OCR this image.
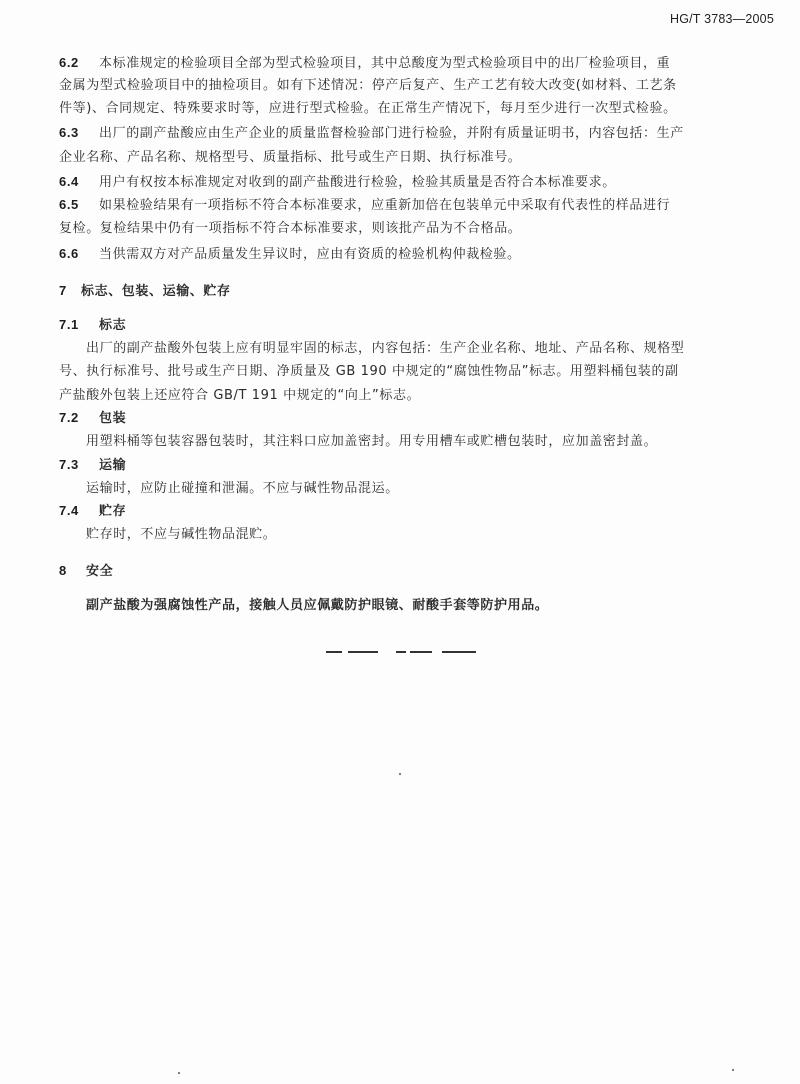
HG/T 3783—2005
6.2 本标准规定的检验项目全部为型式检验项目，其中总酸度为型式检验项目中的出厂检验项目，重
金属为型式检验项目中的抽检项目。如有下述情况：停产后复产、生产工艺有较大改变(如材料、工艺条
件等)、合同规定、特殊要求时等，应进行型式检验。在正常生产情况下，每月至少进行一次型式检验。
6.3 出厂的副产盐酸应由生产企业的质量监督检验部门进行检验，并附有质量证明书，内容包括：生产
企业名称、产品名称、规格型号、质量指标、批号或生产日期、执行标准号。
6.4 用户有权按本标准规定对收到的副产盐酸进行检验，检验其质量是否符合本标准要求。
6.5 如果检验结果有一项指标不符合本标准要求，应重新加倍在包装单元中采取有代表性的样品进行
复检。复检结果中仍有一项指标不符合本标准要求，则该批产品为不合格品。
6.6 当供需双方对产品质量发生异议时，应由有资质的检验机构仲裁检验。
7 标志、包装、运输、贮存
7.1 标志
出厂的副产盐酸外包装上应有明显牢固的标志，内容包括：生产企业名称、地址、产品名称、规格型
号、执行标准号、批号或生产日期、净质量及 GB 190 中规定的“腐蚀性物品”标志。用塑料桶包装的副
产盐酸外包装上还应符合 GB/T 191 中规定的“向上”标志。
7.2 包装
用塑料桶等包装容器包装时，其注料口应加盖密封。用专用槽车或贮槽包装时，应加盖密封盖。
7.3 运输
运输时，应防止碰撞和泄漏。不应与碱性物品混运。
7.4 贮存
贮存时，不应与碱性物品混贮。
8 安全
副产盐酸为强腐蚀性产品，接触人员应佩戴防护眼镜、耐酸手套等防护用品。
